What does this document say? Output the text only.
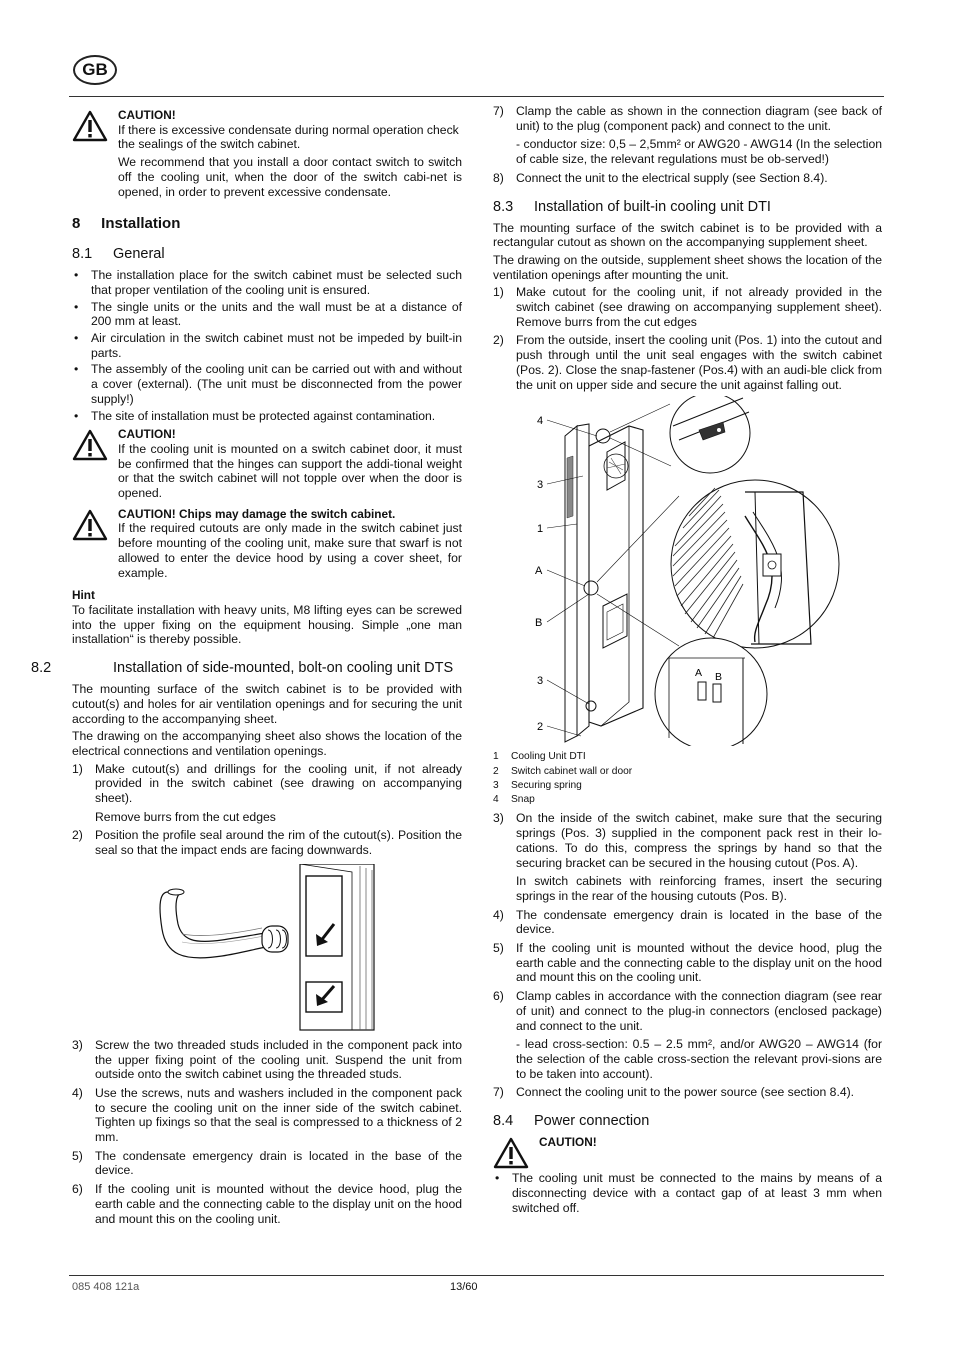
GB
CAUTION!

If there is excessive condensate during normal operation check the sealings of the switch cabinet.

We recommend that you install a door contact switch to switch off the cooling unit, when the door of the switch cabi-net is opened, in order to prevent excessive condensate.

8     Installation
8.1 General
• The installation place for the switch cabinet must be selected such that proper ventilation of the cooling unit is ensured.
• The single units or the units and the wall must be at a distance of 200 mm at least.
• Air circulation in the switch cabinet must not be impeded by built-in parts.
• The assembly of the cooling unit can be carried out with and without a cover (external). (The unit must be disconnected from the power supply!)
• The site of installation must be protected against contamination.
CAUTION!

If the cooling unit is mounted on a switch cabinet door, it must be confirmed that the hinges can support the addi-tional weight or that the switch cabinet will not topple over when the door is opened.

CAUTION! Chips may damage the switch cabinet.

If the required cutouts are only made in the switch cabinet just before mounting of the cooling unit, make sure that swarf is not allowed to enter the device hood by using a cover sheet, for example.

Hint

To facilitate installation with heavy units, M8 lifting eyes can be screwed into the upper fixing on the equipment housing. Simple „one man installation“ is thereby possible.

8.2	Installation of side-mounted, bolt-on cooling unit DTS

The mounting surface of the switch cabinet is to be provided with cutout(s) and holes for air ventilation openings and for securing the unit according to the accompanying sheet.

The drawing on the accompanying sheet also shows the location of the electrical connections and ventilation openings.

1) Make cutout(s) and drillings for the cooling unit, if not already provided in the switch cabinet (see drawing on accompanying sheet).
Remove burrs from the cut edges
2) Position the profile seal around the rim of the cutout(s). Position the seal so that the impact ends are facing downwards.
3) Screw the two threaded studs included in the component pack into the upper fixing point of the cooling unit. Suspend the unit from outside onto the switch cabinet using the threaded studs.
4) Use the screws, nuts and washers included in the component pack to secure the cooling unit on the inner side of the switch cabinet. Tighten up fixings so that the seal is compressed to a thickness of 2 mm.
5) The condensate emergency drain is located in the base of the device.
6) If the cooling unit is mounted without the device hood, plug the earth cable and the connecting cable to the display unit on the hood and mount this on the cooling unit.
7) Clamp the cable as shown in the connection diagram (see back of unit) to the plug (component pack) and connect to the unit.
- conductor size: 0,5 – 2,5mm² or AWG20 - AWG14 (In the selection of cable size, the relevant regulations must be ob-served!)
8) Connect the unit to the electrical supply (see Section 8.4).
8.3 Installation of built-in cooling unit DTI

The mounting surface of the switch cabinet is to be provided with a rectangular cutout as shown on the accompanying supplement sheet.

The drawing on the outside, supplement sheet shows the location of the ventilation openings after mounting the unit.

1) Make cutout for the cooling unit, if not already provided in the switch cabinet (see drawing on accompanying supplement sheet). Remove burrs from the cut edges
2) From the outside, insert the cooling unit (Pos. 1) into the cutout and push through until the unit seal engages with the switch cabinet (Pos. 2). Close the snap-fastener (Pos.4) with an audi-ble click from the unit on upper side and secure the unit against falling out.
4
3
1
A
B
3
2
A B
1 Cooling Unit DTI
2 Switch cabinet wall or door
3 Securing spring
4 Snap
3) On the inside of the switch cabinet, make sure that the securing springs (Pos. 3) supplied in the component pack rest in their lo-cations. To do this, compress the springs by hand so that the securing bracket can be secured in the housing cutout (Pos. A).
In switch cabinets with reinforcing frames, insert the securing springs in the rear of the housing cutouts (Pos. B).
4) The condensate emergency drain is located in the base of the device.
5) If the cooling unit is mounted without the device hood, plug the earth cable and the connecting cable to the display unit on the hood and mount this on the cooling unit.
6) Clamp cables in accordance with the connection diagram (see rear of unit) and connect to the plug-in connectors (enclosed package) and connect to the unit.
- lead cross-section: 0.5 – 2.5 mm², and/or AWG20 – AWG14 (for the selection of the cable cross-section the relevant provi-sions are to be taken into account).
7) Connect the cooling unit to the power source (see section 8.4).
8.4 Power connection
CAUTION!
• The cooling unit must be connected to the mains by means of a disconnecting device with a contact gap of at least 3 mm when switched off.
085 408 121a	13/60
